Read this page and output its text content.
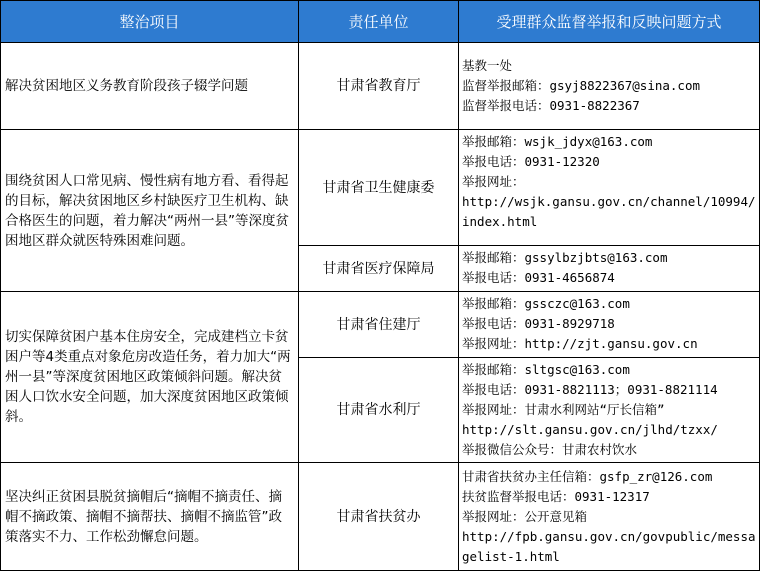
整治项目	责任单位	受理群众监督举报和反映问题方式
解决贫困地区义务教育阶段孩子辍学问题	甘肃省教育厅	基教一处
监督举报邮箱：gsyj8822367@sina.com
监督举报电话：0931-8822367

围绕贫困人口常见病、慢性病有地方看、看得起的目标，解决贫困地区乡村缺医疗卫生机构、缺合格医生的问题，着力解决“两州一县”等深度贫困地区群众就医特殊困难问题。	甘肃省卫生健康委	举报邮箱：wsjk_jdyx@163.com
举报电话：0931-12320
举报网址：
http://wsjk.gansu.gov.cn/channel/10994/index.html

	甘肃省医疗保障局	举报邮箱：gssylbzjbts@163.com
举报电话：0931-4656874

切实保障贫困户基本住房安全，完成建档立卡贫困户等4类重点对象危房改造任务，着力加大“两州一县”等深度贫困地区政策倾斜问题。解决贫困人口饮水安全问题，加大深度贫困地区政策倾斜。	甘肃省住建厅	举报邮箱：gssczc@163.com
举报电话：0931-8929718
举报网址：http://zjt.gansu.gov.cn

	甘肃省水利厅	举报邮箱：sltgsc@163.com
举报电话：0931-8821113；0931-8821114
举报网址：甘肃水利网站“厅长信箱”
http://slt.gansu.gov.cn/jlhd/tzxx/
举报微信公众号：甘肃农村饮水

坚决纠正贫困县脱贫摘帽后“摘帽不摘责任、摘帽不摘政策、摘帽不摘帮扶、摘帽不摘监管”政策落实不力、工作松劲懈怠问题。	甘肃省扶贫办	甘肃省扶贫办主任信箱：gsfp_zr@126.com
扶贫监督举报电话：0931-12317
举报网址：公开意见箱
http://fpb.gansu.gov.cn/govpublic/messagelist-1.html
